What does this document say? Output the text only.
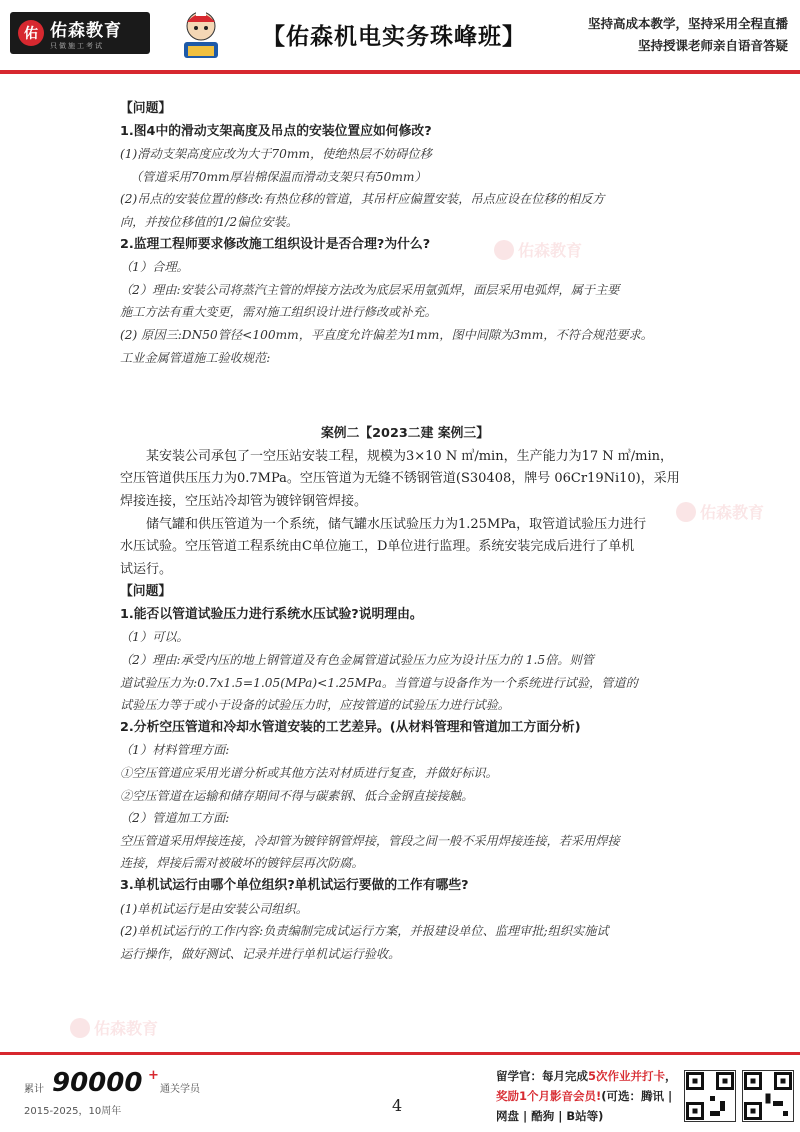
佑 佑森教育
只做施工考试	【佑森机电实务珠峰班】
坚持高成本教学，坚持采用全程直播
坚持授课老师亲自语音答疑
佑森教育
佑森教育
佑森教育
【问题】
1.图4中的滑动支架高度及吊点的安装位置应如何修改?
(1)滑动支架高度应改为大于70mm，使绝热层不妨碍位移
（管道采用70mm厚岩棉保温而滑动支架只有50mm）
(2)吊点的安装位置的修改:有热位移的管道，其吊杆应偏置安装，吊点应设在位移的相反方
向，并按位移值的1/2偏位安装。
2.监理工程师要求修改施工组织设计是否合理?为什么?
（1）合理。
（2）理由:安装公司将蒸汽主管的焊接方法改为底层采用氩弧焊，面层采用电弧焊，属于主要
施工方法有重大变更，需对施工组织设计进行修改或补充。
(2) 原因三:DN50管径<100mm，平直度允许偏差为1mm，图中间隙为3mm，不符合规范要求。
工业金属管道施工验收规范:
案例二【2023二建 案例三】
某安装公司承包了一空压站安装工程，规模为3×10 N ㎥/min，生产能力为17 N ㎥/min，
空压管道供压压力为0.7MPa。空压管道为无缝不锈钢管道(S30408，牌号 06Cr19Ni10)，采用
焊接连接，空压站冷却管为镀锌钢管焊接。
储气罐和供压管道为一个系统，储气罐水压试验压力为1.25MPa，取管道试验压力进行
水压试验。空压管道工程系统由C单位施工，D单位进行监理。系统安装完成后进行了单机
试运行。
【问题】
1.能否以管道试验压力进行系统水压试验?说明理由。
（1）可以。
（2）理由:承受内压的地上钢管道及有色金属管道试验压力应为设计压力的 1.5倍。则管
道试验压力为:0.7x1.5=1.05(MPa)<1.25MPa。当管道与设备作为一个系统进行试验，管道的
试验压力等于或小于设备的试验压力时，应按管道的试验压力进行试验。
2.分析空压管道和冷却水管道安装的工艺差异。(从材料管理和管道加工方面分析)
（1）材料管理方面:
①空压管道应采用光谱分析或其他方法对材质进行复查，并做好标识。
②空压管道在运输和储存期间不得与碳素钢、低合金钢直接接触。
（2）管道加工方面:
空压管道采用焊接连接，冷却管为镀锌钢管焊接，管段之间一般不采用焊接连接，若采用焊接
连接，焊接后需对被破坏的镀锌层再次防腐。
3.单机试运行由哪个单位组织?单机试运行要做的工作有哪些?
(1)单机试运行是由安装公司组织。
(2)单机试运行的工作内容:负责编制完成试运行方案，并报建设单位、监理审批;组织实施试
运行操作，做好测试、记录并进行单机试运行验收。
累计 90000 +
通关学员
2015-2025，10周年	4
留学官：每月完成5次作业并打卡，
奖励1个月影音会员!(可选：腾讯 |
网盘 | 酷狗 | B站等)
